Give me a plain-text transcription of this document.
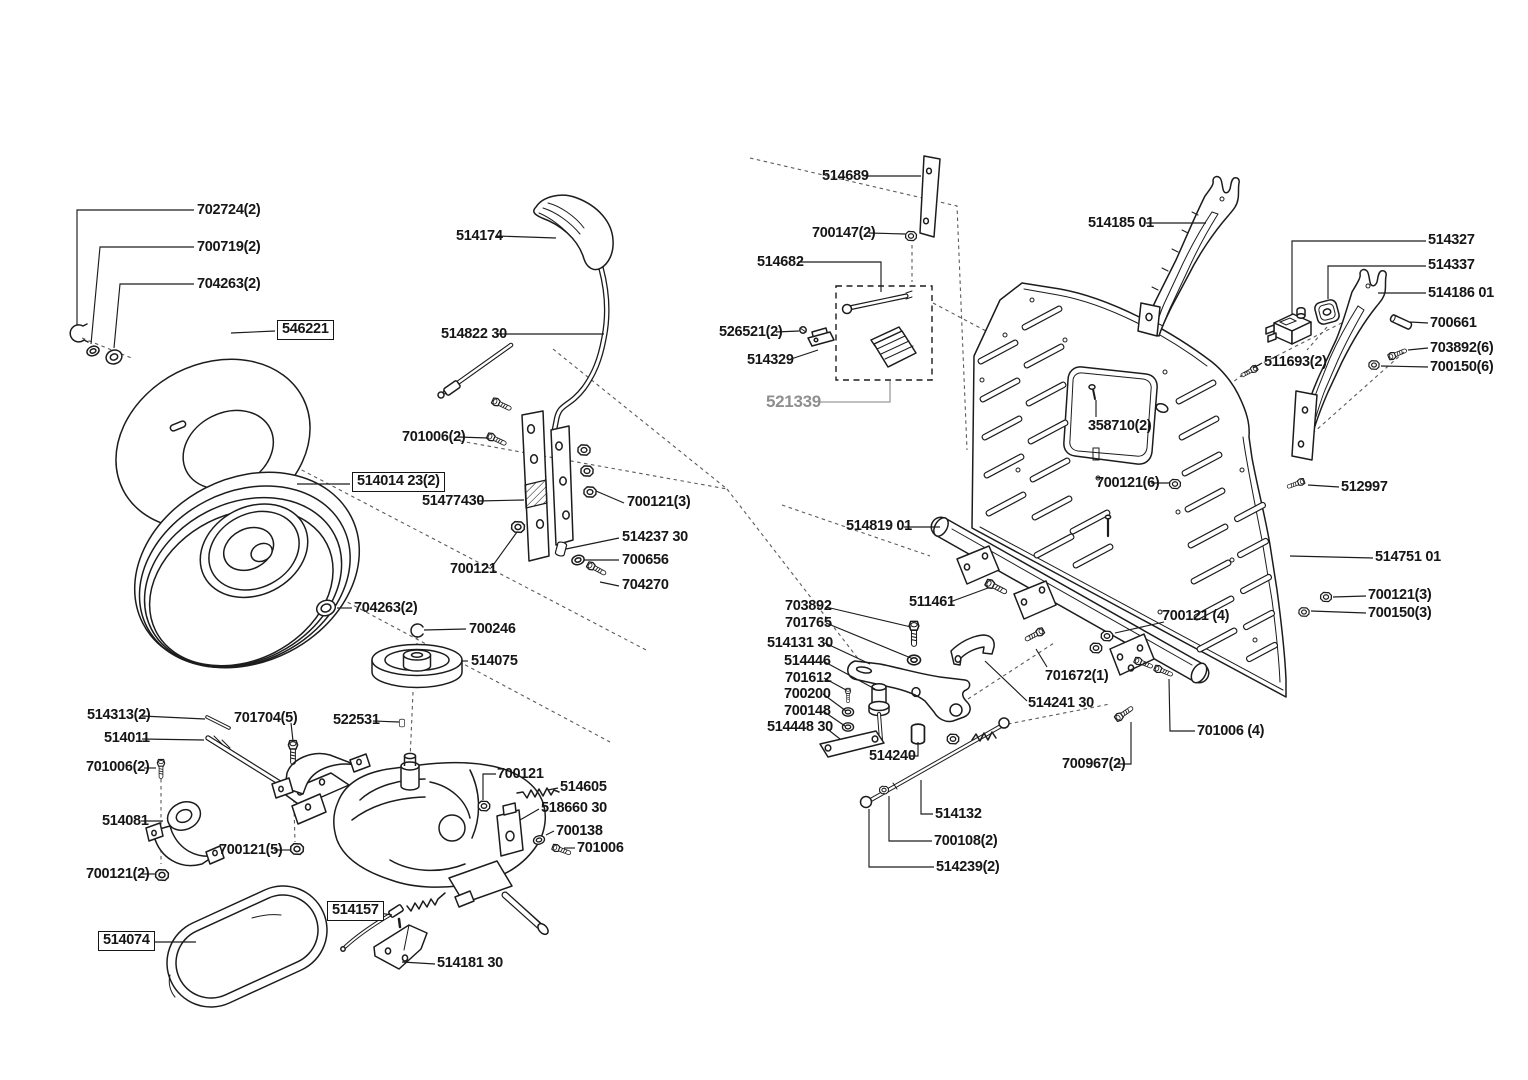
702724(2)
700719(2)
704263(2)
546221
514174
514822 30
701006(2)
514014 23(2)
51477430	700121(3)
514237 30
700656
704270
700121
704263(2)
700246
514075
522531
514313(2)	701704(5)
514011
701006(2)
514081
700121(5)
700121(2)
700121
514605
518660 30
700138
701006
514157
514074
514181 30
514689
700147(2)
514682
526521(2)
514329
521339
514185 01
514327
514337
514186 01
700661
703892(6)
700150(6)
511693(2)
358710(2)
700121(6)	512997
514819 01
514751 01
700121(3)
700150(3)
700121 (4)
703892
701765
514131 30
514446
701612
700200
700148
514448 30
511461
701672(1)
514241 30
514240	700967(2)
701006 (4)
514132
700108(2)
514239(2)
